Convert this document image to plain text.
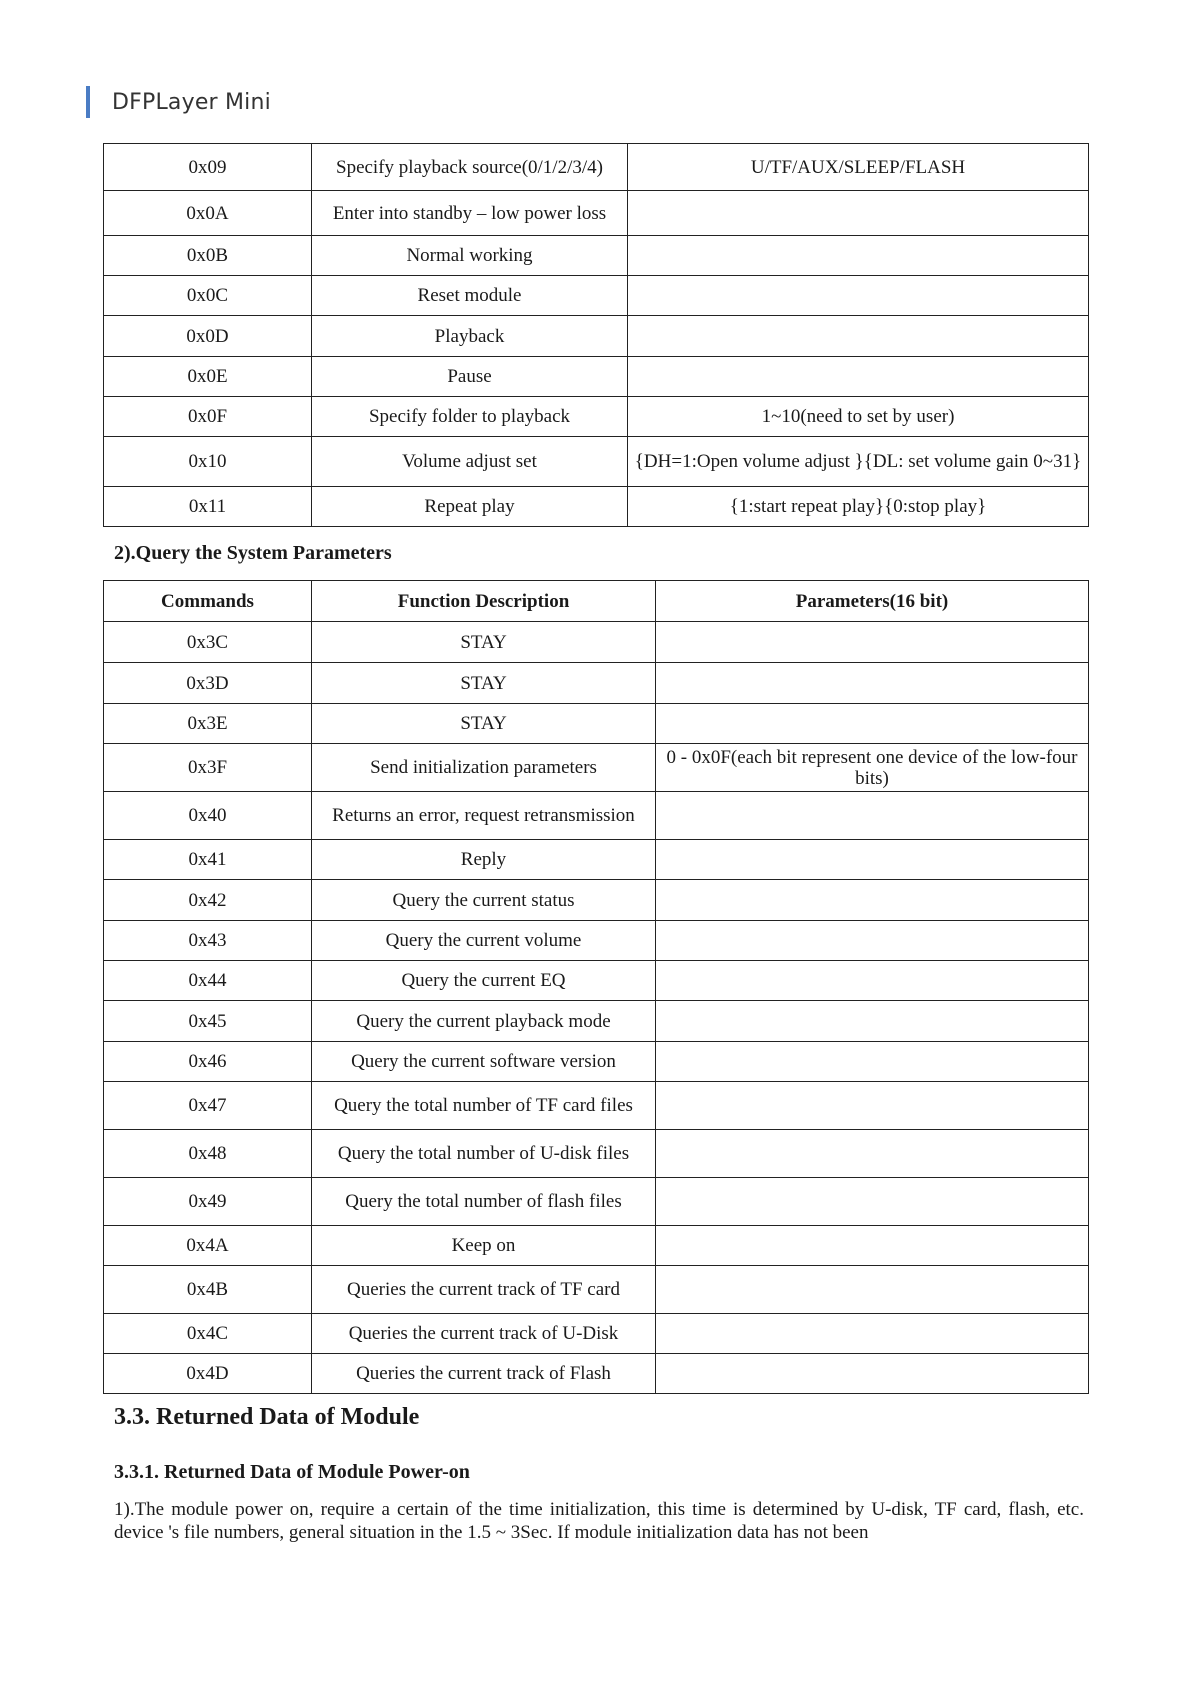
DFPLayer Mini
0x09	Specify playback source(0/1/2/3/4)	U/TF/AUX/SLEEP/FLASH
0x0A	Enter into standby – low power loss	
0x0B	Normal working	
0x0C	Reset module	
0x0D	Playback	
0x0E	Pause	
0x0F	Specify folder to playback	1~10(need to set by user)
0x10	Volume adjust set	{DH=1:Open volume adjust }{DL: set volume gain 0~31}
0x11	Repeat play	{1:start repeat play}{0:stop play}
2).Query the System Parameters
Commands	Function Description	Parameters(16 bit)
0x3C	STAY	
0x3D	STAY	
0x3E	STAY	
0x3F	Send initialization parameters	0 - 0x0F(each bit represent one device of the low-four bits)
0x40	Returns an error, request retransmission	
0x41	Reply	
0x42	Query the current status	
0x43	Query the current volume	
0x44	Query the current EQ	
0x45	Query the current playback mode	
0x46	Query the current software version	
0x47	Query the total number of TF card files	
0x48	Query the total number of U-disk files	
0x49	Query the total number of flash files	
0x4A	Keep on	
0x4B	Queries the current track of TF card	
0x4C	Queries the current track of U-Disk	
0x4D	Queries the current track of Flash	
3.3. Returned Data of Module
3.3.1. Returned Data of Module Power-on
1).The module power on, require a certain of the time initialization, this time is determined by U-disk, TF card, flash, etc. device 's file numbers, general situation in the 1.5 ~ 3Sec. If module initialization data has not been
